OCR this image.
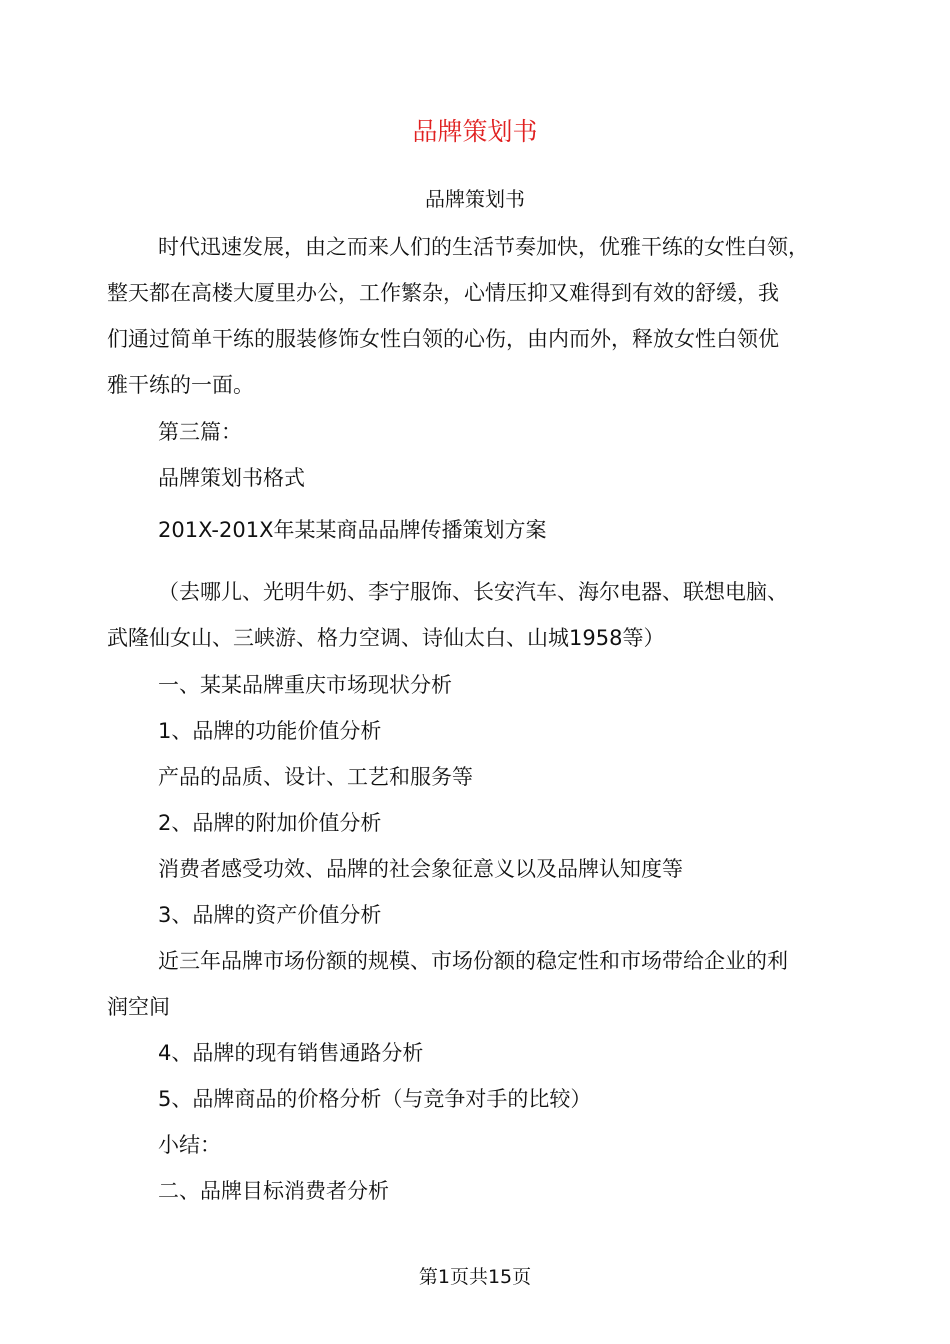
品牌策划书
品牌策划书
时代迅速发展，由之而来人们的生活节奏加快，优雅干练的女性白领，
整天都在高楼大厦里办公，工作繁杂，心情压抑又难得到有效的舒缓，我
们通过简单干练的服装修饰女性白领的心伤，由内而外，释放女性白领优
雅干练的一面。
第三篇：
品牌策划书格式
201X-201X年某某商品品牌传播策划方案
（去哪儿、光明牛奶、李宁服饰、长安汽车、海尔电器、联想电脑、
武隆仙女山、三峡游、格力空调、诗仙太白、山城1958等）
一、某某品牌重庆市场现状分析
1、品牌的功能价值分析
产品的品质、设计、工艺和服务等
2、品牌的附加价值分析
消费者感受功效、品牌的社会象征意义以及品牌认知度等
3、品牌的资产价值分析
近三年品牌市场份额的规模、市场份额的稳定性和市场带给企业的利
润空间
4、品牌的现有销售通路分析
5、品牌商品的价格分析（与竞争对手的比较）
小结：
二、品牌目标消费者分析
第1页共15页
